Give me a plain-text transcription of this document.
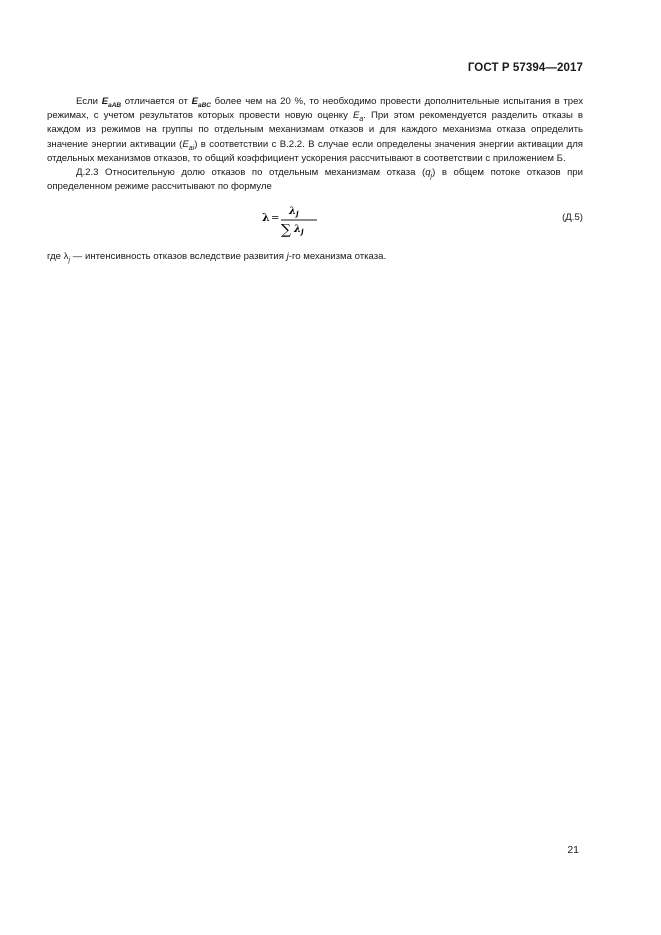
ГОСТ Р 57394—2017

Если $E_{aAB}$ отличается от $E_{aBC}$ более чем на 20 %, то необходимо провести дополнительные испытания в трех режимах, с учетом результатов которых провести новую оценку $E_a$. При этом рекомендуется разделить отказы в каждом из режимов на группы по отдельным механизмам отказов и для каждого механизма отказа определить значение энергии активации $(E_{ai})$ в соответствии с В.2.2. В случае если определены значения энергии активации для отдельных механизмов отказов, то общий коэффициент ускорения рассчитывают в соответствии с приложением Б.

Д.2.3 Относительную долю отказов по отдельным механизмам отказа $(q_j)$ в общем потоке отказов при определенном режиме рассчитывают по формуле

λ =
λ j
∑ λ j
(Д.5)

где $\lambda_j$ — интенсивность отказов вследствие развития j-го механизма отказа.

21
